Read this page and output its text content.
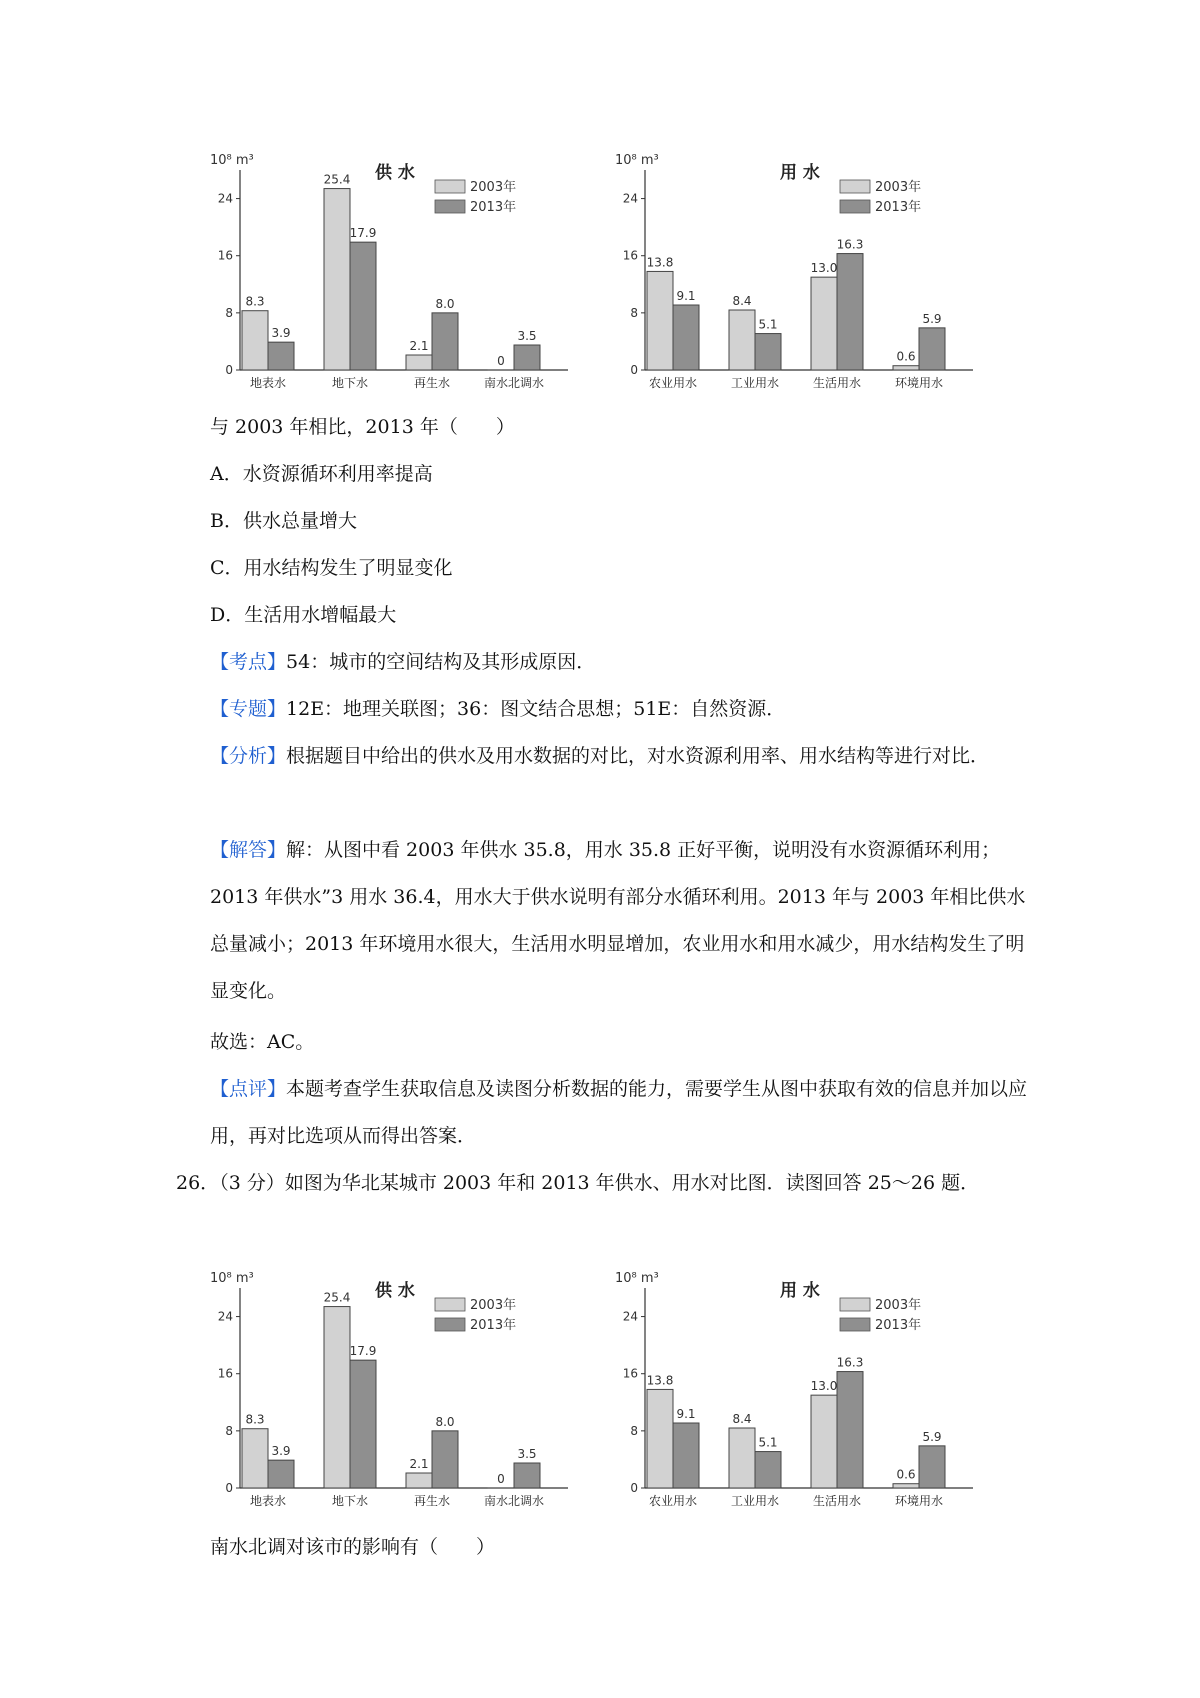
10⁸ m³
供 水
0
8
16
24
8.3
3.9
地表水
25.4
17.9
地下水
2.1
8.0
再生水
0
3.5
南水北调水
2003年
2013年
10⁸ m³
用 水
0
8
16
24
13.8
9.1
农业用水
8.4
5.1
工业用水
13.0
16.3
生活用水
0.6
5.9
环境用水
2003年
2013年
与 2003 年相比，2013 年（　　）
A．水资源循环利用率提高
B．供水总量增大
C．用水结构发生了明显变化
D．生活用水增幅最大
【考点】54：城市的空间结构及其形成原因．
【专题】12E：地理关联图；36：图文结合思想；51E：自然资源．
【分析】根据题目中给出的供水及用水数据的对比，对水资源利用率、用水结构等进行对比．
【解答】解：从图中看 2003 年供水 35.8，用水 35.8 正好平衡，说明没有水资源循环利用；2013 年供水”3 用水 36.4，用水大于供水说明有部分水循环利用。2013 年与 2003 年相比供水总量减小；2013 年环境用水很大，生活用水明显增加，农业用水和用水减少，用水结构发生了明显变化。
故选：AC。
【点评】本题考查学生获取信息及读图分析数据的能力，需要学生从图中获取有效的信息并加以应用，再对比选项从而得出答案．
26．（3 分）如图为华北某城市 2003 年和 2013 年供水、用水对比图．读图回答 25～26 题．
10⁸ m³
供 水
0
8
16
24
8.3
3.9
地表水
25.4
17.9
地下水
2.1
8.0
再生水
0
3.5
南水北调水
2003年
2013年
10⁸ m³
用 水
0
8
16
24
13.8
9.1
农业用水
8.4
5.1
工业用水
13.0
16.3
生活用水
0.6
5.9
环境用水
2003年
2013年
南水北调对该市的影响有（　　）
